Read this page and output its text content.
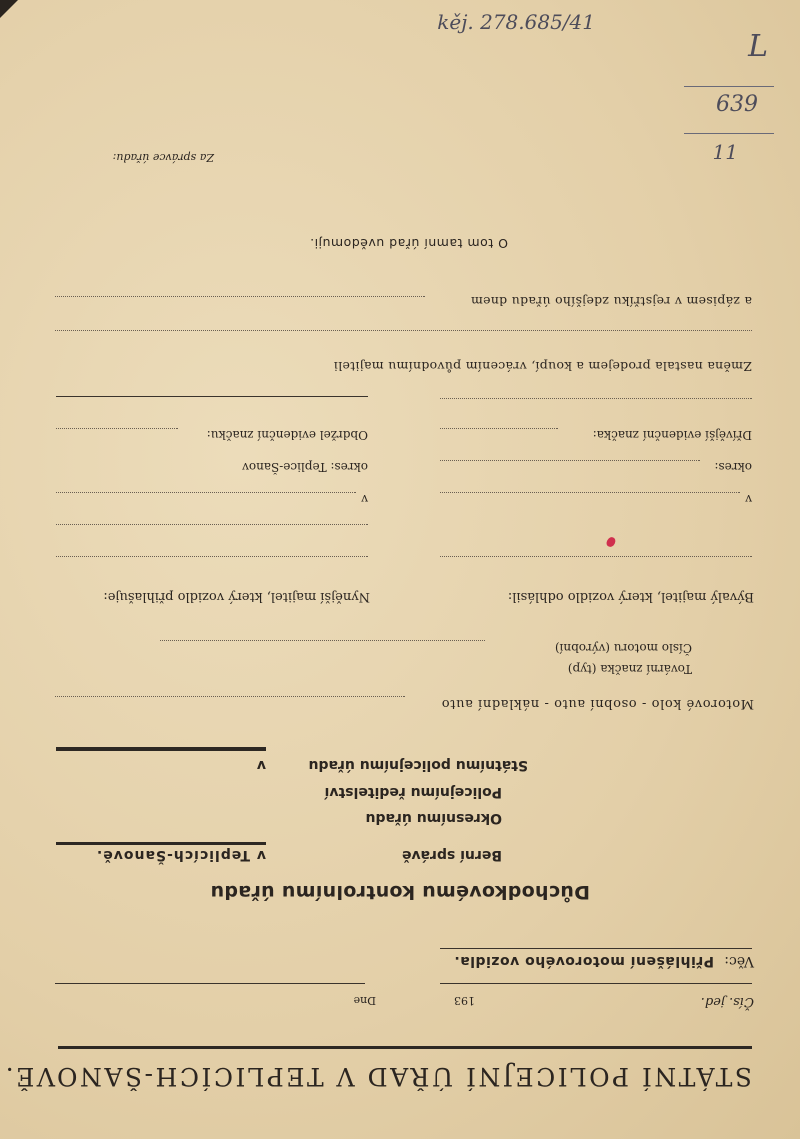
STÁTNÍ POLICEJNÍ ÚŘAD V TEPLICÍCH-ŠANOVĚ.
Čís. jed.
193
Dne
Věc:
Přihlášení motorového vozidla.
Důchodkovému kontrolnímu úřadu
Berní správě
v Teplicích-Šanově.
Okresnímu úřadu
Policejnímu ředitelství
Státnímu policejnímu úřadu
v
Motorové kolo - osobní auto - nákladní auto
Tovární značka (typ)
Číslo motoru (výrobní)
Bývalý majitel, který vozidlo odhlásil:
Nynější majitel, který vozidlo přihlašuje:
v
v
okres:
okres: Teplice-Šanov
Dřívější evidenční značka:
Obdržel evidenční značku:
Změna nastala prodejem a koupí, vrácením původnímu majiteli
a zápisem v rejstříku zdejšího úřadu dnem
O tom tamní úřad uvědomuji.
Za správce úřadu:
kěj. 278.685/41
L
639
11
